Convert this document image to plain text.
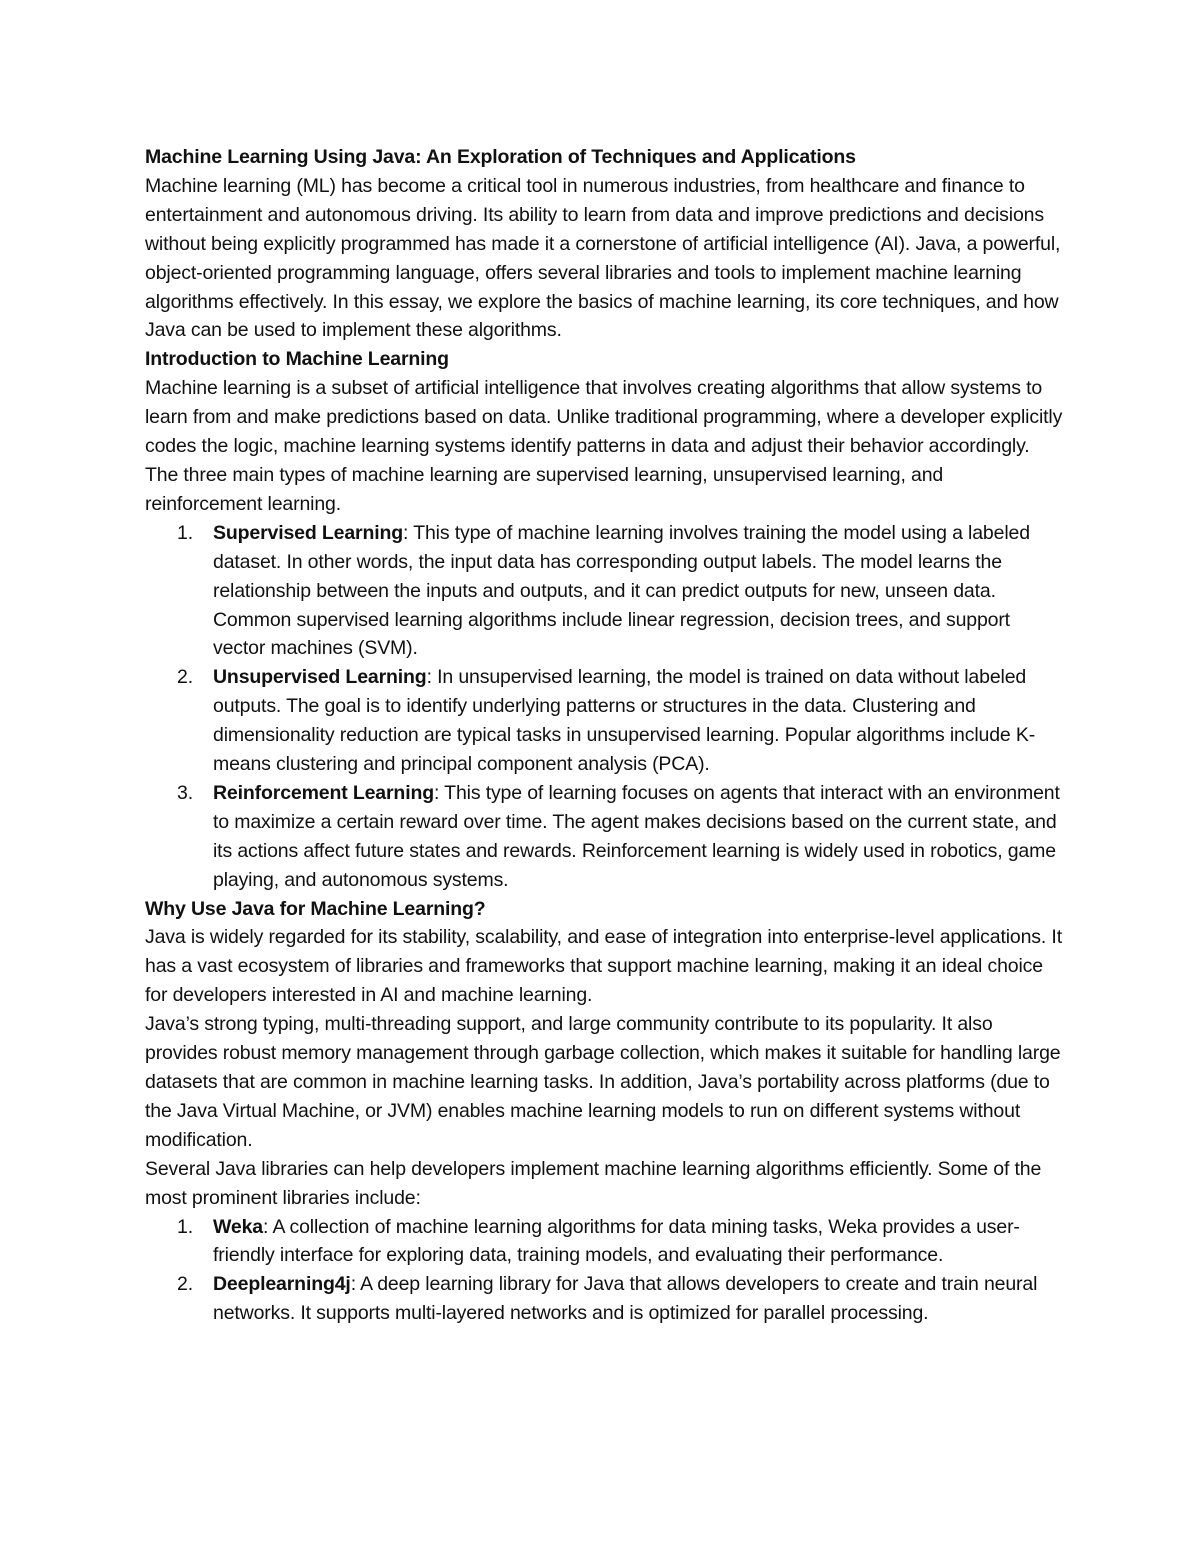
Machine Learning Using Java: An Exploration of Techniques and Applications

Machine learning (ML) has become a critical tool in numerous industries, from healthcare and finance to entertainment and autonomous driving. Its ability to learn from data and improve predictions and decisions without being explicitly programmed has made it a cornerstone of artificial intelligence (AI). Java, a powerful, object-oriented programming language, offers several libraries and tools to implement machine learning algorithms effectively. In this essay, we explore the basics of machine learning, its core techniques, and how Java can be used to implement these algorithms.

Introduction to Machine Learning

Machine learning is a subset of artificial intelligence that involves creating algorithms that allow systems to learn from and make predictions based on data. Unlike traditional programming, where a developer explicitly codes the logic, machine learning systems identify patterns in data and adjust their behavior accordingly. The three main types of machine learning are supervised learning, unsupervised learning, and reinforcement learning.

1. Supervised Learning: This type of machine learning involves training the model using a labeled dataset. In other words, the input data has corresponding output labels. The model learns the relationship between the inputs and outputs, and it can predict outputs for new, unseen data. Common supervised learning algorithms include linear regression, decision trees, and support vector machines (SVM).
2. Unsupervised Learning: In unsupervised learning, the model is trained on data without labeled outputs. The goal is to identify underlying patterns or structures in the data. Clustering and dimensionality reduction are typical tasks in unsupervised learning. Popular algorithms include K-means clustering and principal component analysis (PCA).
3. Reinforcement Learning: This type of learning focuses on agents that interact with an environment to maximize a certain reward over time. The agent makes decisions based on the current state, and its actions affect future states and rewards. Reinforcement learning is widely used in robotics, game playing, and autonomous systems.

Why Use Java for Machine Learning?

Java is widely regarded for its stability, scalability, and ease of integration into enterprise-level applications. It has a vast ecosystem of libraries and frameworks that support machine learning, making it an ideal choice for developers interested in AI and machine learning.

Java’s strong typing, multi-threading support, and large community contribute to its popularity. It also provides robust memory management through garbage collection, which makes it suitable for handling large datasets that are common in machine learning tasks. In addition, Java’s portability across platforms (due to the Java Virtual Machine, or JVM) enables machine learning models to run on different systems without modification.

Several Java libraries can help developers implement machine learning algorithms efficiently. Some of the most prominent libraries include:

1. Weka: A collection of machine learning algorithms for data mining tasks, Weka provides a user-friendly interface for exploring data, training models, and evaluating their performance.
2. Deeplearning4j: A deep learning library for Java that allows developers to create and train neural networks. It supports multi-layered networks and is optimized for parallel processing.
